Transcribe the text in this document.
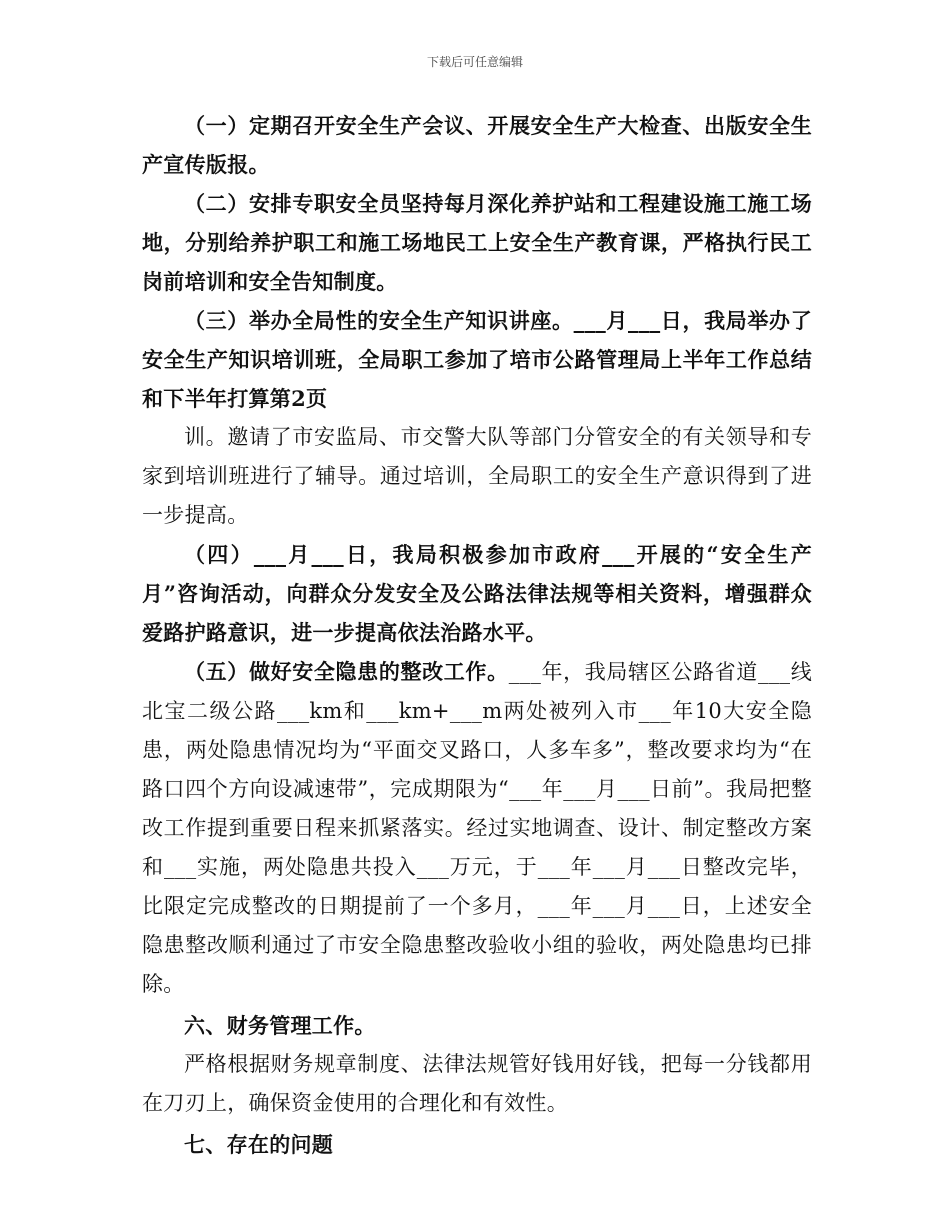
下载后可任意编辑

（一）定期召开安全生产会议、开展安全生产大检查、出版安全生产宣传版报。

（二）安排专职安全员坚持每月深化养护站和工程建设施工施工场地，分别给养护职工和施工场地民工上安全生产教育课，严格执行民工岗前培训和安全告知制度。

（三）举办全局性的安全生产知识讲座。___月___日，我局举办了安全生产知识培训班，全局职工参加了培市公路管理局上半年工作总结和下半年打算第2页

训。邀请了市安监局、市交警大队等部门分管安全的有关领导和专家到培训班进行了辅导。通过培训，全局职工的安全生产意识得到了进一步提高。

（四）___月___日，我局积极参加市政府___开展的“安全生产月”咨询活动，向群众分发安全及公路法律法规等相关资料，增强群众爱路护路意识，进一步提高依法治路水平。

（五）做好安全隐患的整改工作。___年，我局辖区公路省道___线北宝二级公路___km和___km+___m两处被列入市___年10大安全隐患，两处隐患情况均为“平面交叉路口，人多车多”，整改要求均为“在路口四个方向设减速带”，完成期限为“___年___月___日前”。我局把整改工作提到重要日程来抓紧落实。经过实地调查、设计、制定整改方案和___实施，两处隐患共投入___万元，于___年___月___日整改完毕，比限定完成整改的日期提前了一个多月，___年___月___日，上述安全隐患整改顺利通过了市安全隐患整改验收小组的验收，两处隐患均已排除。

六、财务管理工作。

严格根据财务规章制度、法律法规管好钱用好钱，把每一分钱都用在刀刃上，确保资金使用的合理化和有效性。

七、存在的问题
